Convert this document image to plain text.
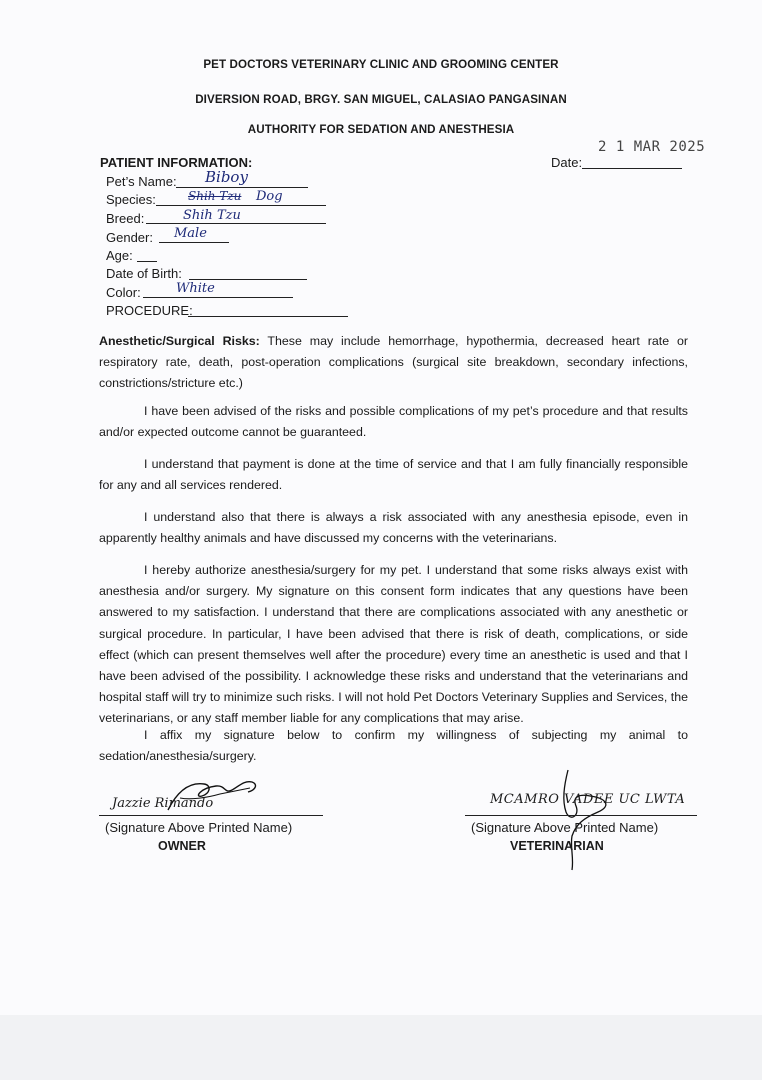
PET DOCTORS VETERINARY CLINIC AND GROOMING CENTER
DIVERSION ROAD, BRGY. SAN MIGUEL, CALASIAO PANGASINAN
AUTHORITY FOR SEDATION AND ANESTHESIA
2 1 MAR 2025
Date:
PATIENT INFORMATION:
Pet’s Name: Biboy
Species:	Shih Tzu Dog
Breed:	Shih Tzu
Gender: Male
Age:
Date of Birth:
Color:	White
PROCEDURE:

Anesthetic/Surgical Risks: These may include hemorrhage, hypothermia, decreased heart rate or respiratory rate, death, post-operation complications (surgical site breakdown, secondary infections, constrictions/stricture etc.)

I have been advised of the risks and possible complications of my pet’s procedure and that results and/or expected outcome cannot be guaranteed.

I understand that payment is done at the time of service and that I am fully financially responsible for any and all services rendered.

I understand also that there is always a risk associated with any anesthesia episode, even in apparently healthy animals and have discussed my concerns with the veterinarians.

I hereby authorize anesthesia/surgery for my pet. I understand that some risks always exist with anesthesia and/or surgery. My signature on this consent form indicates that any questions have been answered to my satisfaction. I understand that there are complications associated with any anesthetic or surgical procedure. In particular, I have been advised that there is risk of death, complications, or side effect (which can present themselves well after the procedure) every time an anesthetic is used and that I have been advised of the possibility. I acknowledge these risks and understand that the veterinarians and hospital staff will try to minimize such risks. I will not hold Pet Doctors Veterinary Supplies and Services, the veterinarians, or any staff member liable for any complications that may arise.

I affix my signature below to confirm my willingness of subjecting my animal to sedation/anesthesia/surgery.

Jazzie Rimando
(Signature Above Printed Name)
OWNER
MCAMRO VADEE UC LWTA
(Signature Above Printed Name)
VETERINARIAN
